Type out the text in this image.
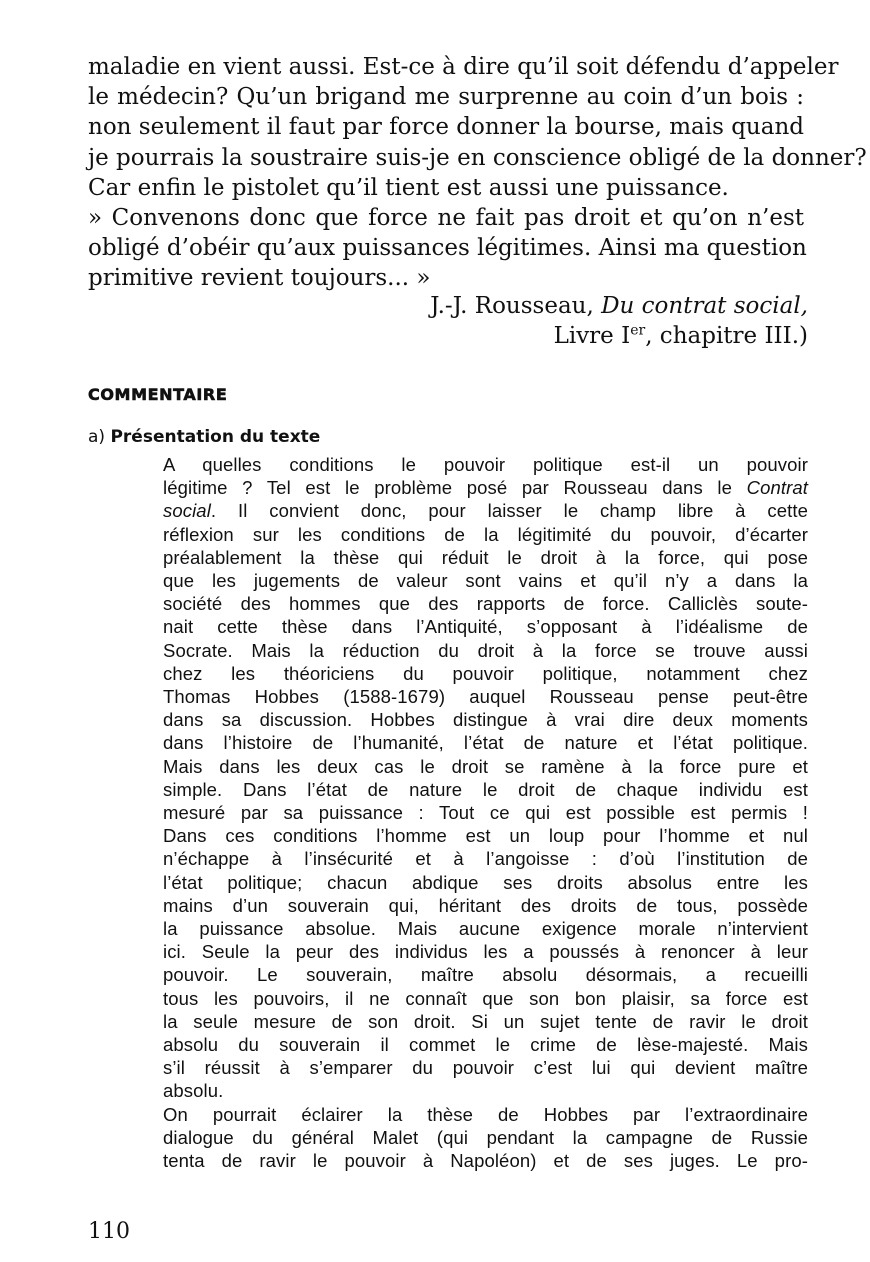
maladie en vient aussi. Est-ce à dire qu’il soit défendu d’appeler
le médecin? Qu’un brigand me surprenne au coin d’un bois :
non seulement il faut par force donner la bourse, mais quand
je pourrais la soustraire suis-je en conscience obligé de la donner?
Car enfin le pistolet qu’il tient est aussi une puissance.
» Convenons donc que force ne fait pas droit et qu’on n’est
obligé d’obéir qu’aux puissances légitimes. Ainsi ma question
primitive revient toujours... »
J.-J. Rousseau, Du contrat social,
Livre Ier, chapitre III.)
COMMENTAIRE
a) Présentation du texte
A quelles conditions le pouvoir politique est-il un pouvoir
légitime ? Tel est le problème posé par Rousseau dans le Contrat
social. Il convient donc, pour laisser le champ libre à cette
réflexion sur les conditions de la légitimité du pouvoir, d’écarter
préalablement la thèse qui réduit le droit à la force, qui pose
que les jugements de valeur sont vains et qu’il n’y a dans la
société des hommes que des rapports de force. Calliclès soute-
nait cette thèse dans l’Antiquité, s’opposant à l’idéalisme de
Socrate. Mais la réduction du droit à la force se trouve aussi
chez les théoriciens du pouvoir politique, notamment chez
Thomas Hobbes (1588-1679) auquel Rousseau pense peut-être
dans sa discussion. Hobbes distingue à vrai dire deux moments
dans l’histoire de l’humanité, l’état de nature et l’état politique.
Mais dans les deux cas le droit se ramène à la force pure et
simple. Dans l’état de nature le droit de chaque individu est
mesuré par sa puissance : Tout ce qui est possible est permis !
Dans ces conditions l’homme est un loup pour l’homme et nul
n’échappe à l’insécurité et à l’angoisse : d’où l’institution de
l’état politique; chacun abdique ses droits absolus entre les
mains d’un souverain qui, héritant des droits de tous, possède
la puissance absolue. Mais aucune exigence morale n’intervient
ici. Seule la peur des individus les a poussés à renoncer à leur
pouvoir. Le souverain, maître absolu désormais, a recueilli
tous les pouvoirs, il ne connaît que son bon plaisir, sa force est
la seule mesure de son droit. Si un sujet tente de ravir le droit
absolu du souverain il commet le crime de lèse-majesté. Mais
s’il réussit à s’emparer du pouvoir c’est lui qui devient maître
absolu.
On pourrait éclairer la thèse de Hobbes par l’extraordinaire
dialogue du général Malet (qui pendant la campagne de Russie
tenta de ravir le pouvoir à Napoléon) et de ses juges. Le pro-
110
